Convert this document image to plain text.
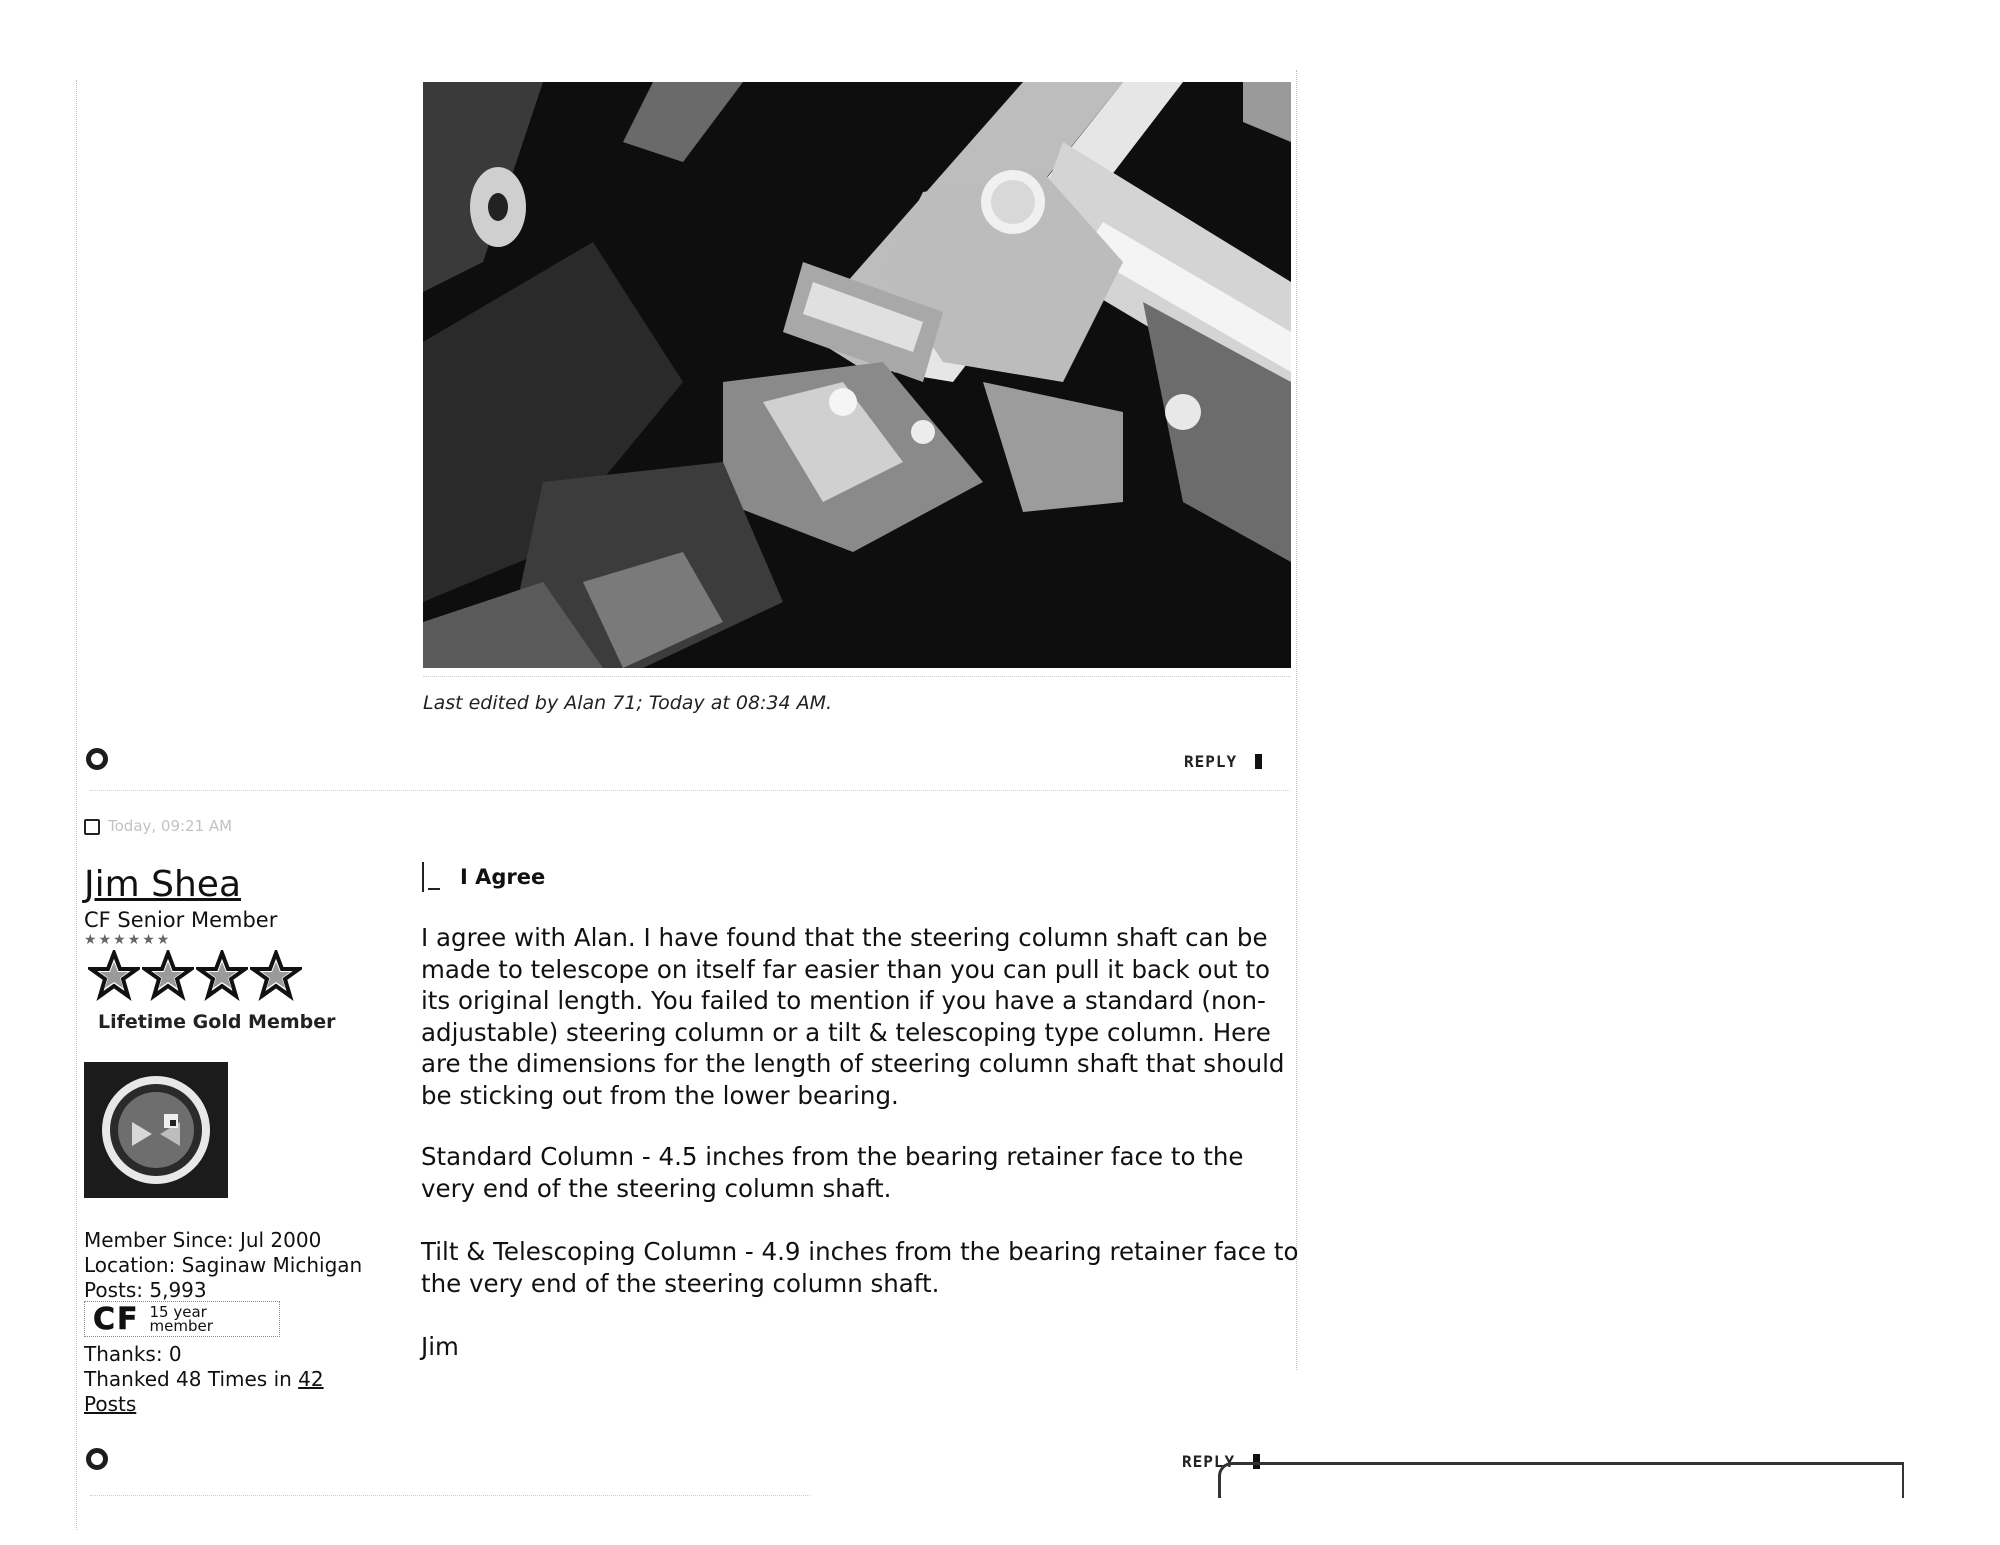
Last edited by Alan 71; Today at 08:34 AM.
REPLY
Today, 09:21 AM
Jim Shea
CF Senior Member
★★★★★★
Lifetime Gold Member
Member Since: Jul 2000
Location: Saginaw Michigan
Posts: 5,993
CF 15 year
member
Thanks: 0
Thanked 48 Times in 42
Posts
I Agree
I agree with Alan. I have found that the steering column shaft can be made to telescope on itself far easier than you can pull it back out to its original length. You failed to mention if you have a standard (non-adjustable) steering column or a tilt & telescoping type column. Here are the dimensions for the length of steering column shaft that should be sticking out from the lower bearing.
Standard Column - 4.5 inches from the bearing retainer face to the very end of the steering column shaft.
Tilt & Telescoping Column - 4.9 inches from the bearing retainer face to the very end of the steering column shaft.
Jim
REPLY
